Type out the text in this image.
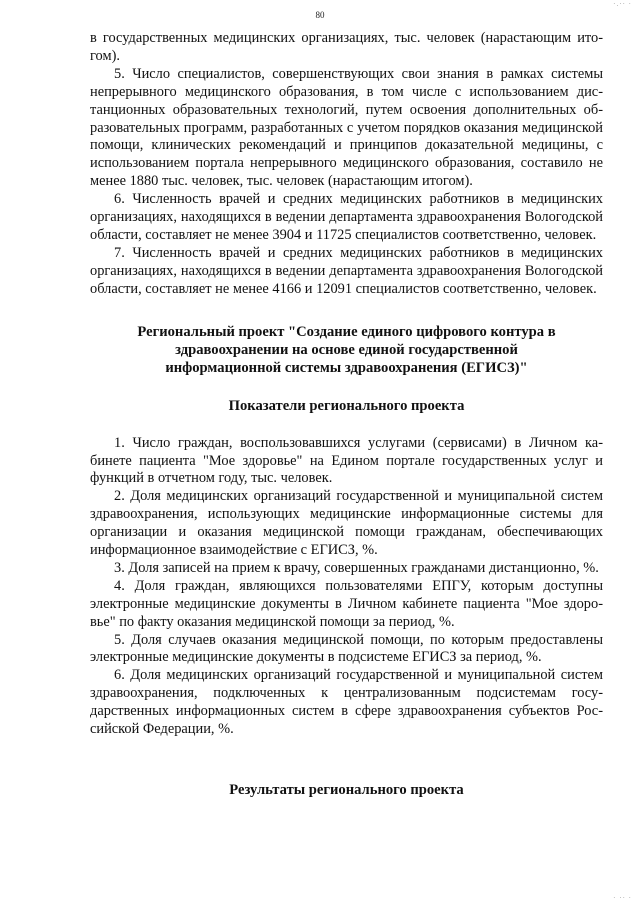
·.·· ·
80

в государственных медицинских организациях, тыс. человек (нарастающим итогом).

5. Число специалистов, совершенствующих свои знания в рамках системы непрерывного медицинского образования, в том числе с использованием дистанционных образовательных технологий, путем освоения дополнительных образовательных программ, разработанных с учетом порядков оказания медицинской помощи, клинических рекомендаций и принципов доказательной медицины, с использованием портала непрерывного медицинского образования, составило не менее 1880 тыс. человек, тыс. человек (нарастающим итогом).

6. Численность врачей и средних медицинских работников в медицинских организациях, находящихся в ведении департамента здравоохранения Вологодской области, составляет не менее 3904 и 11725 специалистов соответственно, человек.

7. Численность врачей и средних медицинских работников в медицинских организациях, находящихся в ведении департамента здравоохранения Вологодской области, составляет не менее 4166 и 12091 специалистов соответственно, человек.

Региональный проект "Создание единого цифрового контура в здравоохранении на основе единой государственной информационной системы здравоохранения (ЕГИСЗ)"

Показатели регионального проекта

1. Число граждан, воспользовавшихся услугами (сервисами) в Личном кабинете пациента "Мое здоровье" на Едином портале государственных услуг и функций в отчетном году, тыс. человек.

2. Доля медицинских организаций государственной и муниципальной систем здравоохранения, использующих медицинские информационные системы для организации и оказания медицинской помощи гражданам, обеспечивающих информационное взаимодействие с ЕГИСЗ, %.

3. Доля записей на прием к врачу, совершенных гражданами дистанционно, %.

4. Доля граждан, являющихся пользователями ЕПГУ, которым доступны электронные медицинские документы в Личном кабинете пациента "Мое здоровье" по факту оказания медицинской помощи за период, %.

5. Доля случаев оказания медицинской помощи, по которым предоставлены электронные медицинские документы в подсистеме ЕГИСЗ за период, %.

6. Доля медицинских организаций государственной и муниципальной систем здравоохранения, подключенных к централизованным подсистемам государственных информационных систем в сфере здравоохранения субъектов Российской Федерации, %.

Результаты регионального проекта

· ·· ·
